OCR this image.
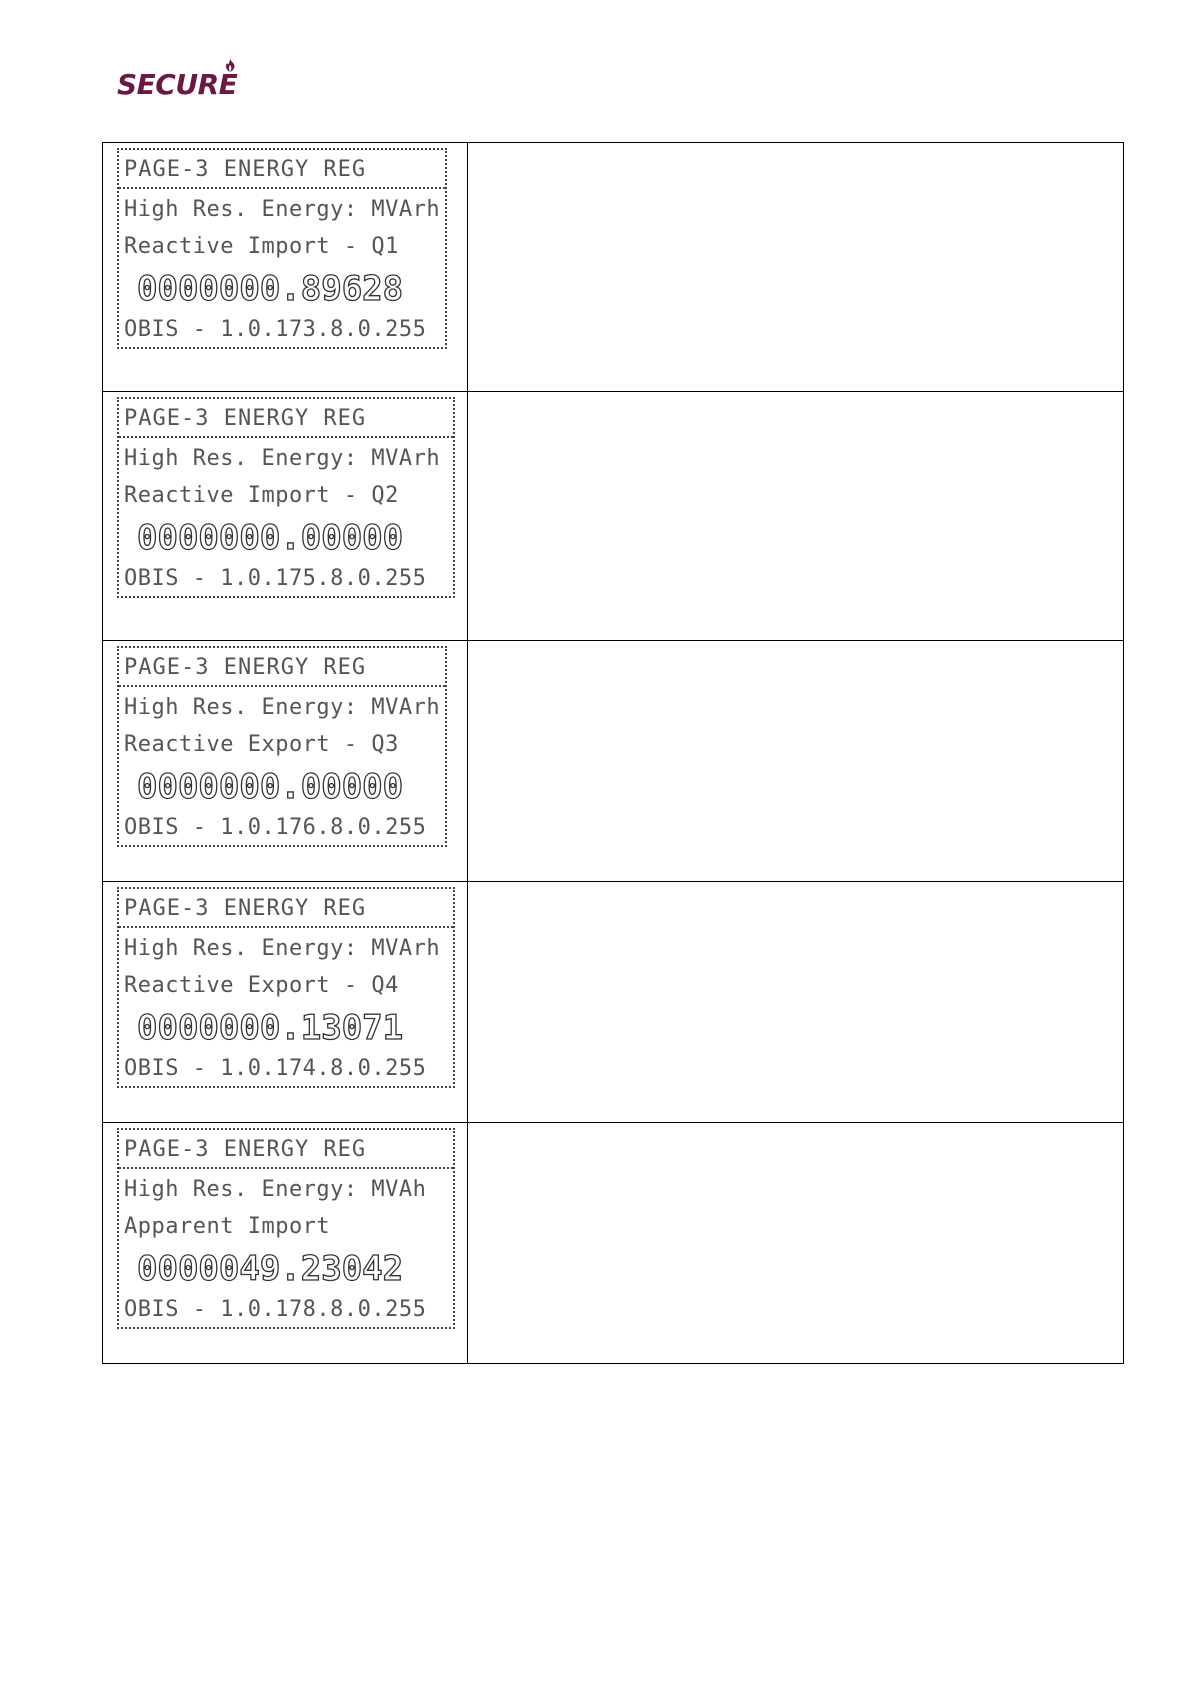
SECURE
PAGE-3 ENERGY REG
High Res. Energy: MVArh
Reactive Import - Q1
0000000.89628
OBIS - 1.0.173.8.0.255	

PAGE-3 ENERGY REG
High Res. Energy: MVArh
Reactive Import - Q2
0000000.00000
OBIS - 1.0.175.8.0.255	

PAGE-3 ENERGY REG
High Res. Energy: MVArh
Reactive Export - Q3
0000000.00000
OBIS - 1.0.176.8.0.255	

PAGE-3 ENERGY REG
High Res. Energy: MVArh
Reactive Export - Q4
0000000.13071
OBIS - 1.0.174.8.0.255	

PAGE-3 ENERGY REG
High Res. Energy: MVAh
Apparent Import
0000049.23042
OBIS - 1.0.178.8.0.255	
